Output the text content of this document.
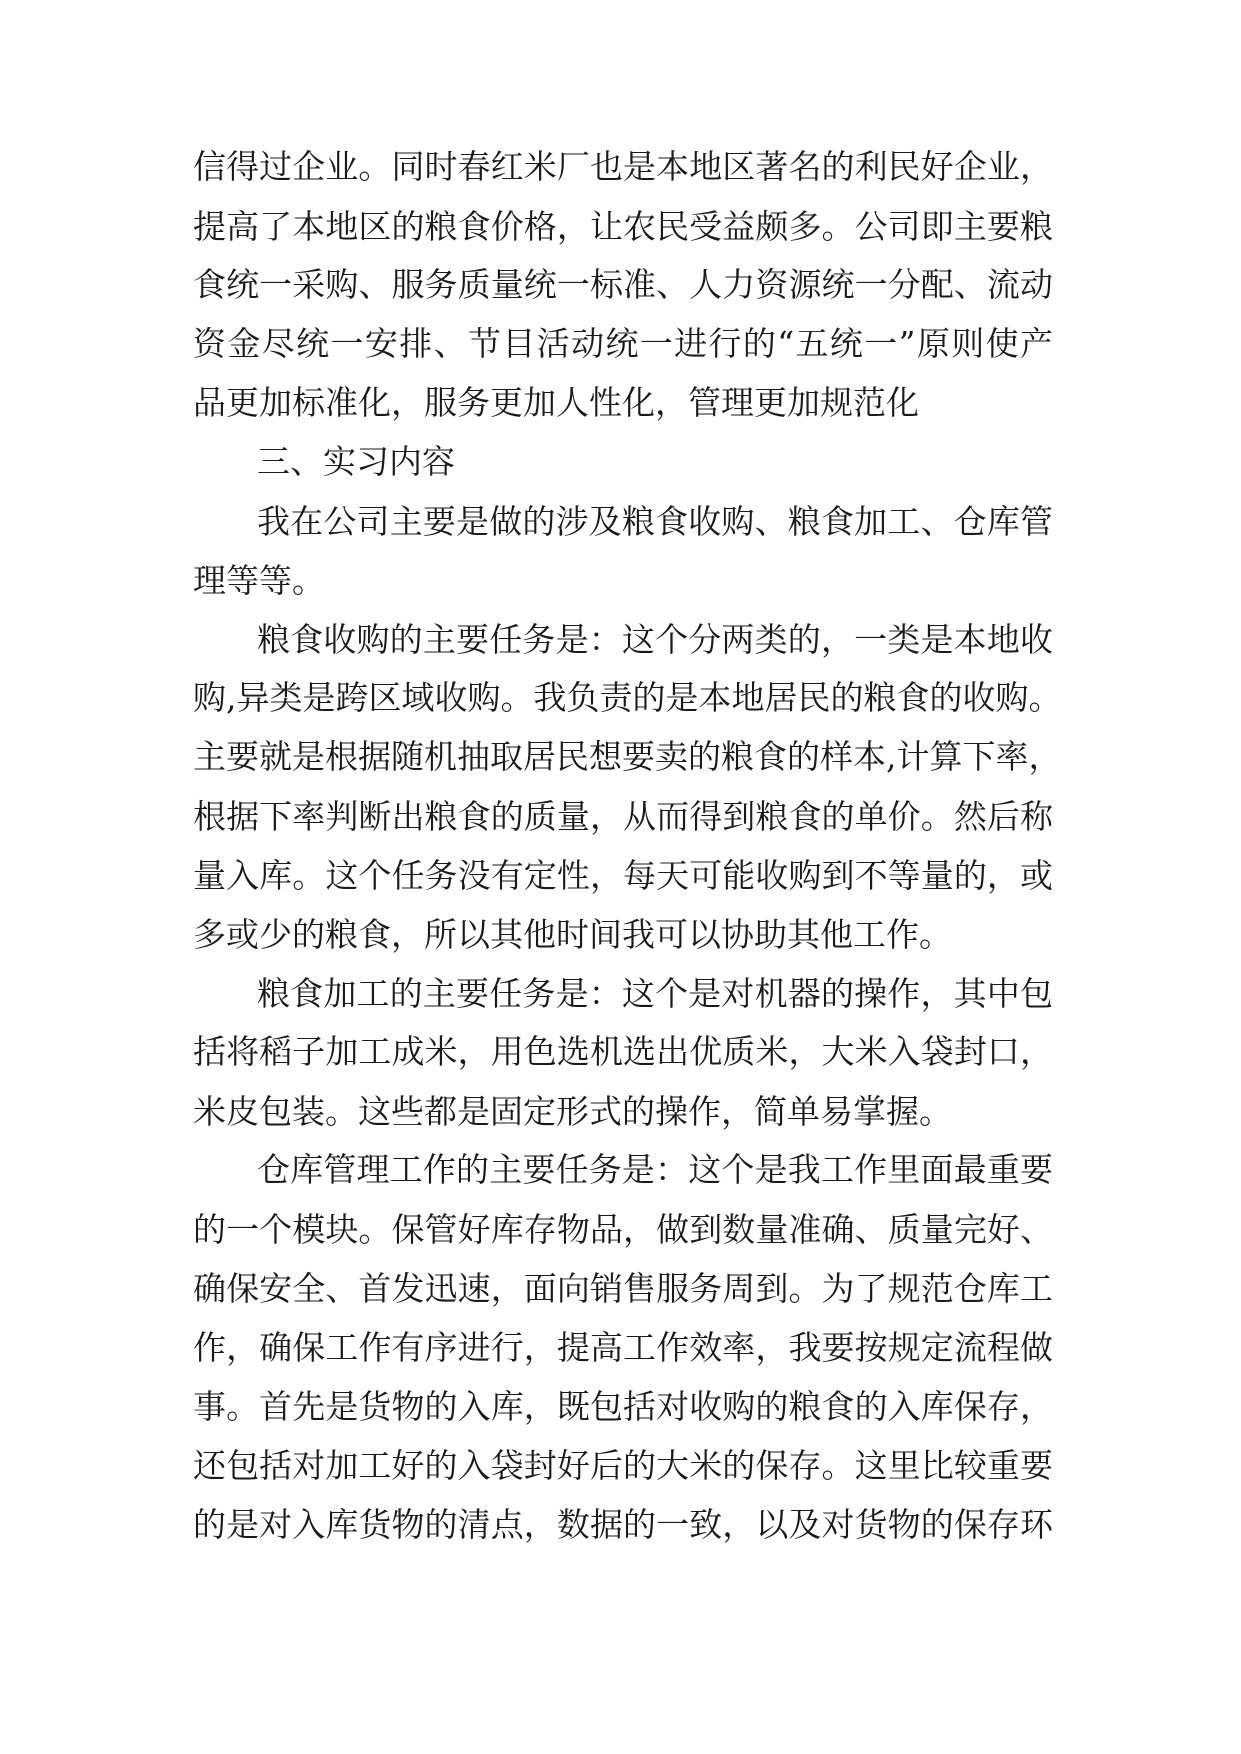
信得过企业。同时春红米厂也是本地区著名的利民好企业，
提高了本地区的粮食价格，让农民受益颇多。公司即主要粮
食统一采购、服务质量统一标准、人力资源统一分配、流动
资金尽统一安排、节目活动统一进行的“五统一”原则使产
品更加标准化，服务更加人性化，管理更加规范化
三、实习内容
我在公司主要是做的涉及粮食收购、粮食加工、仓库管
理等等。
粮食收购的主要任务是：这个分两类的，一类是本地收
购,异类是跨区域收购。我负责的是本地居民的粮食的收购。
主要就是根据随机抽取居民想要卖的粮食的样本,计算下率，
根据下率判断出粮食的质量，从而得到粮食的单价。然后称
量入库。这个任务没有定性，每天可能收购到不等量的，或
多或少的粮食，所以其他时间我可以协助其他工作。
粮食加工的主要任务是：这个是对机器的操作，其中包
括将稻子加工成米，用色选机选出优质米，大米入袋封口，
米皮包装。这些都是固定形式的操作，简单易掌握。
仓库管理工作的主要任务是：这个是我工作里面最重要
的一个模块。保管好库存物品，做到数量准确、质量完好、
确保安全、首发迅速，面向销售服务周到。为了规范仓库工
作，确保工作有序进行，提高工作效率，我要按规定流程做
事。首先是货物的入库，既包括对收购的粮食的入库保存，
还包括对加工好的入袋封好后的大米的保存。这里比较重要
的是对入库货物的清点，数据的一致，以及对货物的保存环
